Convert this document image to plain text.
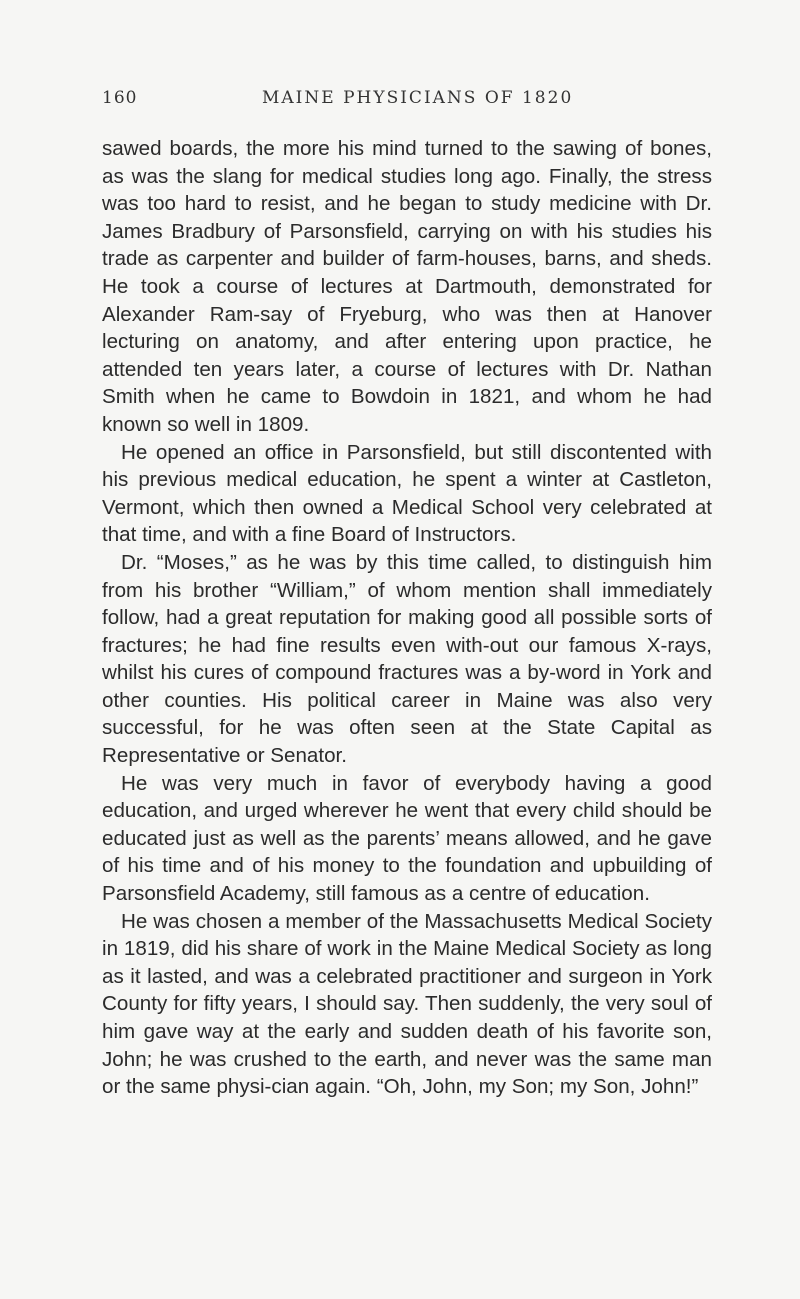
160	MAINE PHYSICIANS OF 1820

sawed boards, the more his mind turned to the sawing of bones, as was the slang for medical studies long ago. Finally, the stress was too hard to resist, and he began to study medicine with Dr. James Bradbury of Parsonsfield, carrying on with his studies his trade as carpenter and builder of farm-houses, barns, and sheds. He took a course of lectures at Dartmouth, demonstrated for Alexander Ram-say of Fryeburg, who was then at Hanover lecturing on anatomy, and after entering upon practice, he attended ten years later, a course of lectures with Dr. Nathan Smith when he came to Bowdoin in 1821, and whom he had known so well in 1809.

He opened an office in Parsonsfield, but still discontented with his previous medical education, he spent a winter at Castleton, Vermont, which then owned a Medical School very celebrated at that time, and with a fine Board of Instructors.

Dr. “Moses,” as he was by this time called, to distinguish him from his brother “William,” of whom mention shall immediately follow, had a great reputation for making good all possible sorts of fractures; he had fine results even with-out our famous X-rays, whilst his cures of compound fractures was a by-word in York and other counties. His political career in Maine was also very successful, for he was often seen at the State Capital as Representative or Senator.

He was very much in favor of everybody having a good education, and urged wherever he went that every child should be educated just as well as the parents’ means allowed, and he gave of his time and of his money to the foundation and upbuilding of Parsonsfield Academy, still famous as a centre of education.

He was chosen a member of the Massachusetts Medical Society in 1819, did his share of work in the Maine Medical Society as long as it lasted, and was a celebrated practitioner and surgeon in York County for fifty years, I should say. Then suddenly, the very soul of him gave way at the early and sudden death of his favorite son, John; he was crushed to the earth, and never was the same man or the same physi-cian again. “Oh, John, my Son; my Son, John!”
